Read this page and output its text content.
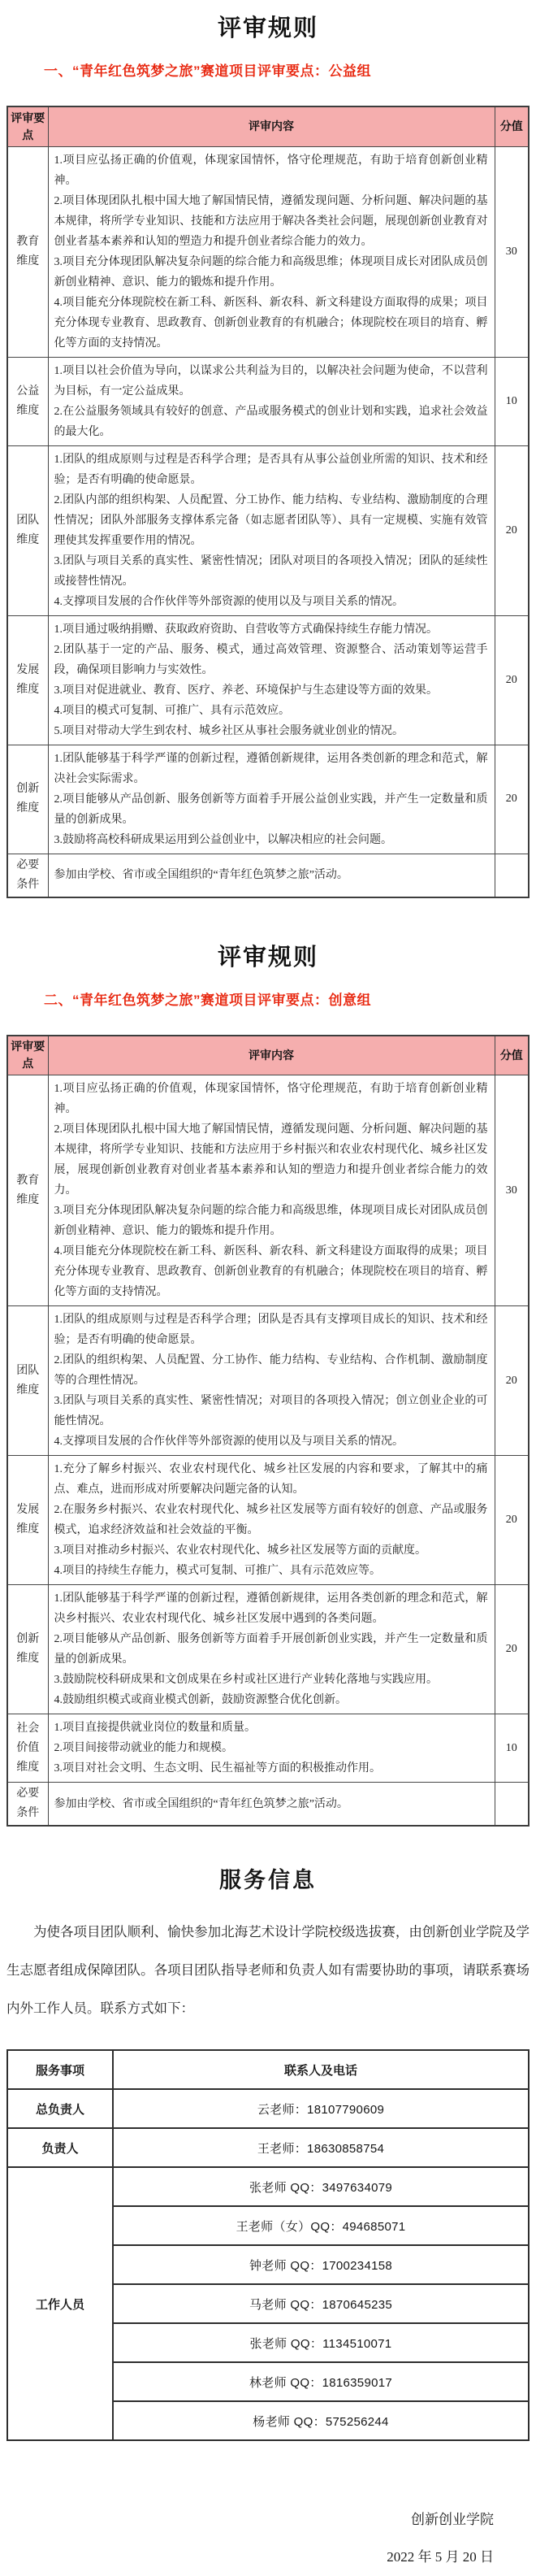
评审规则
一、“青年红色筑梦之旅”赛道项目评审要点：公益组
评审要点	评审内容	分值
教育维度	1.项目应弘扬正确的价值观，体现家国情怀，恪守伦理规范，有助于培育创新创业精神。
2.项目体现团队扎根中国大地了解国情民情，遵循发现问题、分析问题、解决问题的基本规律，将所学专业知识、技能和方法应用于解决各类社会问题，展现创新创业教育对创业者基本素养和认知的塑造力和提升创业者综合能力的效力。
3.项目充分体现团队解决复杂问题的综合能力和高级思维；体现项目成长对团队成员创新创业精神、意识、能力的锻炼和提升作用。
4.项目能充分体现院校在新工科、新医科、新农科、新文科建设方面取得的成果；项目充分体现专业教育、思政教育、创新创业教育的有机融合；体现院校在项目的培育、孵化等方面的支持情况。	30
公益维度	1.项目以社会价值为导向，以谋求公共利益为目的，以解决社会问题为使命，不以营利为目标，有一定公益成果。
2.在公益服务领域具有较好的创意、产品或服务模式的创业计划和实践，追求社会效益的最大化。	10
团队维度	1.团队的组成原则与过程是否科学合理；是否具有从事公益创业所需的知识、技术和经验；是否有明确的使命愿景。
2.团队内部的组织构架、人员配置、分工协作、能力结构、专业结构、激励制度的合理性情况；团队外部服务支撑体系完备（如志愿者团队等）、具有一定规模、实施有效管理使其发挥重要作用的情况。
3.团队与项目关系的真实性、紧密性情况；团队对项目的各项投入情况；团队的延续性或接替性情况。
4.支撑项目发展的合作伙伴等外部资源的使用以及与项目关系的情况。	20
发展维度	1.项目通过吸纳捐赠、获取政府资助、自营收等方式确保持续生存能力情况。
2.团队基于一定的产品、服务、模式，通过高效管理、资源整合、活动策划等运营手段，确保项目影响力与实效性。
3.项目对促进就业、教育、医疗、养老、环境保护与生态建设等方面的效果。
4.项目的模式可复制、可推广、具有示范效应。
5.项目对带动大学生到农村、城乡社区从事社会服务就业创业的情况。	20
创新维度	1.团队能够基于科学严谨的创新过程，遵循创新规律，运用各类创新的理念和范式，解决社会实际需求。
2.项目能够从产品创新、服务创新等方面着手开展公益创业实践，并产生一定数量和质量的创新成果。
3.鼓励将高校科研成果运用到公益创业中，以解决相应的社会问题。	20
必要条件	参加由学校、省市或全国组织的“青年红色筑梦之旅”活动。	

评审规则
二、“青年红色筑梦之旅”赛道项目评审要点：创意组
评审要点	评审内容	分值
教育维度	1.项目应弘扬正确的价值观，体现家国情怀，恪守伦理规范，有助于培育创新创业精神。
2.项目体现团队扎根中国大地了解国情民情，遵循发现问题、分析问题、解决问题的基本规律，将所学专业知识、技能和方法应用于乡村振兴和农业农村现代化、城乡社区发展，展现创新创业教育对创业者基本素养和认知的塑造力和提升创业者综合能力的效力。
3.项目充分体现团队解决复杂问题的综合能力和高级思维，体现项目成长对团队成员创新创业精神、意识、能力的锻炼和提升作用。
4.项目能充分体现院校在新工科、新医科、新农科、新文科建设方面取得的成果；项目充分体现专业教育、思政教育、创新创业教育的有机融合；体现院校在项目的培育、孵化等方面的支持情况。	30
团队维度	1.团队的组成原则与过程是否科学合理；团队是否具有支撑项目成长的知识、技术和经验；是否有明确的使命愿景。
2.团队的组织构架、人员配置、分工协作、能力结构、专业结构、合作机制、激励制度等的合理性情况。
3.团队与项目关系的真实性、紧密性情况；对项目的各项投入情况；创立创业企业的可能性情况。
4.支撑项目发展的合作伙伴等外部资源的使用以及与项目关系的情况。	20
发展维度	1.充分了解乡村振兴、农业农村现代化、城乡社区发展的内容和要求，了解其中的痛点、难点，进而形成对所要解决问题完备的认知。
2.在服务乡村振兴、农业农村现代化、城乡社区发展等方面有较好的创意、产品或服务模式，追求经济效益和社会效益的平衡。
3.项目对推动乡村振兴、农业农村现代化、城乡社区发展等方面的贡献度。
4.项目的持续生存能力，模式可复制、可推广、具有示范效应等。	20
创新维度	1.团队能够基于科学严谨的创新过程，遵循创新规律，运用各类创新的理念和范式，解决乡村振兴、农业农村现代化、城乡社区发展中遇到的各类问题。
2.项目能够从产品创新、服务创新等方面着手开展创新创业实践，并产生一定数量和质量的创新成果。
3.鼓励院校科研成果和文创成果在乡村或社区进行产业转化落地与实践应用。
4.鼓励组织模式或商业模式创新，鼓励资源整合优化创新。	20
社会价值维度	1.项目直接提供就业岗位的数量和质量。
2.项目间接带动就业的能力和规模。
3.项目对社会文明、生态文明、民生福祉等方面的积极推动作用。	10
必要条件	参加由学校、省市或全国组织的“青年红色筑梦之旅”活动。	

服务信息
为使各项目团队顺利、愉快参加北海艺术设计学院校级选拔赛，由创新创业学院及学生志愿者组成保障团队。各项目团队指导老师和负责人如有需要协助的事项，请联系赛场内外工作人员。联系方式如下：
服务事项	联系人及电话
总负责人	云老师：18107790609
负责人	王老师：18630858754
工作人员	张老师 QQ：3497634079
	王老师（女）QQ：494685071
	钟老师 QQ：1700234158
	马老师 QQ：1870645235
	张老师 QQ：1134510071
	林老师 QQ：1816359017
	杨老师 QQ：575256244
创新创业学院
2022 年 5 月 20 日
